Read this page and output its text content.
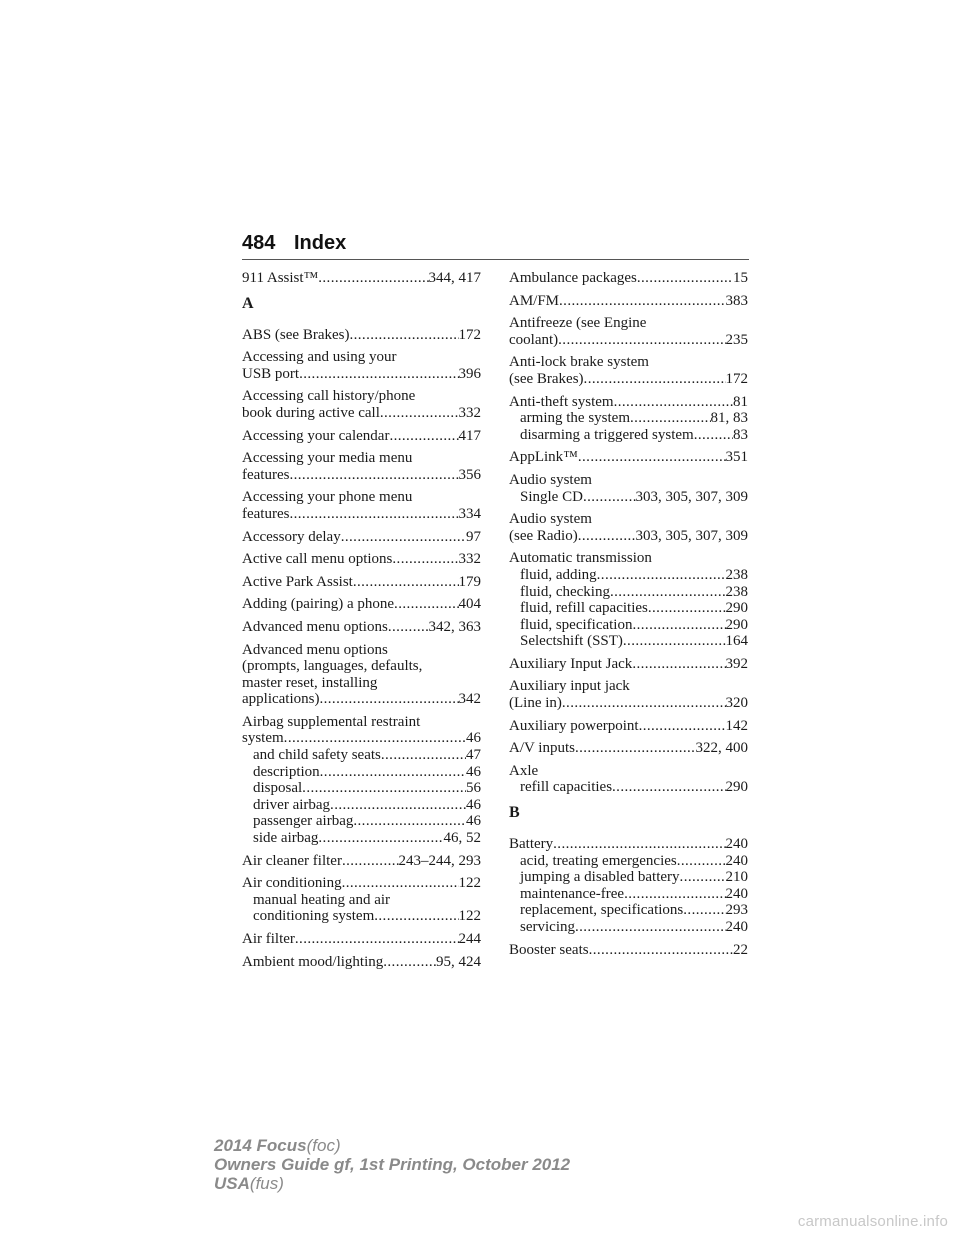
484 Index
911 Assist™ .....	344, 417
A
ABS (see Brakes) .....	172
Accessing and using your
USB port .....	396
Accessing call history/phone
book during active call .....	332
Accessing your calendar .....	417
Accessing your media menu
features .....	356
Accessing your phone menu
features .....	334
Accessory delay .....	97
Active call menu options .....	332
Active Park Assist .....	179
Adding (pairing) a phone .....	404
Advanced menu options .....	342, 363
Advanced menu options
(prompts, languages, defaults,
master reset, installing
applications) .....	342
Airbag supplemental restraint
system .....	46
and child safety seats .....	47
description .....	46
disposal .....	56
driver airbag .....	46
passenger airbag .....	46
side airbag .....	46, 52
Air cleaner filter .....	243–244, 293
Air conditioning .....	122
manual heating and air
conditioning system .....	122
Air filter .....	244
Ambient mood/lighting .....	95, 424
Ambulance packages .....	15
AM/FM .....	383
Antifreeze (see Engine
coolant) .....	235
Anti-lock brake system
(see Brakes) .....	172
Anti-theft system .....	81
arming the system .....	81, 83
disarming a triggered system .....	83
AppLink™ .....	351
Audio system
Single CD .....	303, 305, 307, 309
Audio system
(see Radio) .....	303, 305, 307, 309
Automatic transmission
fluid, adding .....	238
fluid, checking .....	238
fluid, refill capacities .....	290
fluid, specification .....	290
Selectshift (SST) .....	164
Auxiliary Input Jack .....	392
Auxiliary input jack
(Line in) .....	320
Auxiliary powerpoint .....	142
A/V inputs .....	322, 400
Axle
refill capacities .....	290
B
Battery .....	240
acid, treating emergencies .....	240
jumping a disabled battery .....	210
maintenance-free .....	240
replacement, specifications .....	293
servicing .....	240
Booster seats .....	22
2014 Focus(foc)
Owners Guide gf, 1st Printing, October 2012
USA(fus)
carmanualsonline.info
